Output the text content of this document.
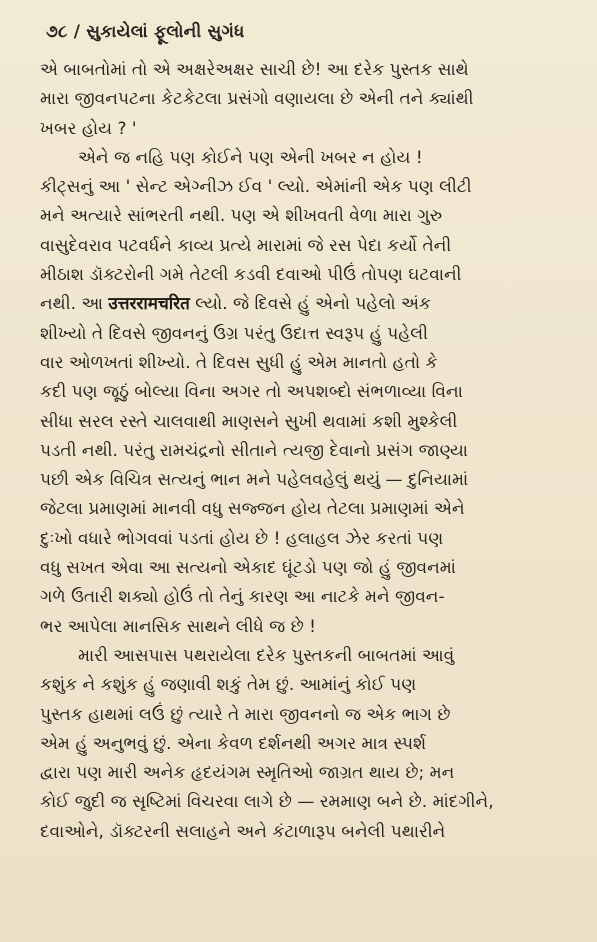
૭૮ / સુકાયેલાં ફૂલોની સુગંધ

એ બાબતોમાં તો એ અક્ષરેઅક્ષર સાચી છે! આ દરેક પુસ્તક સાથે
મારા જીવનપટના કેટકેટલા પ્રસંગો વણાયલા છે એની તને ક્યાંથી
ખબર હોય ? '

એને જ નહિ પણ કોઈને પણ એની ખબર ન હોય !
કીટ્સનું આ ' સેન્ટ એગ્નીઝ ઈવ ' લ્યો. એમાંની એક પણ લીટી
મને અત્યારે સાંભરતી નથી. પણ એ શીખવતી વેળા મારા ગુરુ
વાસુદેવરાવ પટવર્ધને કાવ્ય પ્રત્યે મારામાં જે રસ પેદા કર્યો તેની
મીઠાશ ડૉક્ટરોની ગમે તેટલી કડવી દવાઓ પીઉં તોપણ ઘટવાની
નથી. આ उत्तररामचरित લ્યો. જે દિવસે હું એનો પહેલો અંક
શીખ્યો તે દિવસે જીવનનું ઉગ્ર પરંતુ ઉદાત્ત સ્વરૂપ હું પહેલી
વાર ઓળખતાં શીખ્યો. તે દિવસ સુધી હું એમ માનતો હતો કે
કદી પણ જૂઠું બોલ્યા વિના અગર તો અપશબ્દો સંભળાવ્યા વિના
સીધા સરલ રસ્તે ચાલવાથી માણસને સુખી થવામાં કશી મુશ્કેલી
પડતી નથી. પરંતુ રામચંદ્રનો સીતાને ત્યજી દેવાનો પ્રસંગ જાણ્યા
પછી એક વિચિત્ર સત્યનું ભાન મને પહેલવહેલું થયું — દુનિયામાં
જેટલા પ્રમાણમાં માનવી વધુ સજ્જન હોય તેટલા પ્રમાણમાં એને
દુઃખો વધારે ભોગવવાં પડતાં હોય છે ! હલાહલ ઝેર કરતાં પણ
વધુ સખત એવા આ સત્યનો એકાદ ઘૂંટડો પણ જો હું જીવનમાં
ગળે ઉતારી શક્યો હોઉં તો તેનું કારણ આ નાટકે મને જીવન-
ભર આપેલા માનસિક સાથને લીધે જ છે !

મારી આસપાસ પથરાયેલા દરેક પુસ્તકની બાબતમાં આવું
કશુંક ને કશુંક હું જણાવી શકું તેમ છું. આમાંનું કોઈ પણ
પુસ્તક હાથમાં લઉં છું ત્યારે તે મારા જીવનનો જ એક ભાગ છે
એમ હું અનુભવું છું. એના કેવળ દર્શનથી અગર માત્ર સ્પર્શ
દ્વારા પણ મારી અનેક હૃદયંગમ સ્મૃતિઓ જાગ્રત થાય છે; મન
કોઈ જુદી જ સૃષ્ટિમાં વિચરવા લાગે છે — રમમાણ બને છે. માંદગીને,
દવાઓને, ડૉક્ટરની સલાહને અને કંટાળારૂપ બનેલી પથારીને
